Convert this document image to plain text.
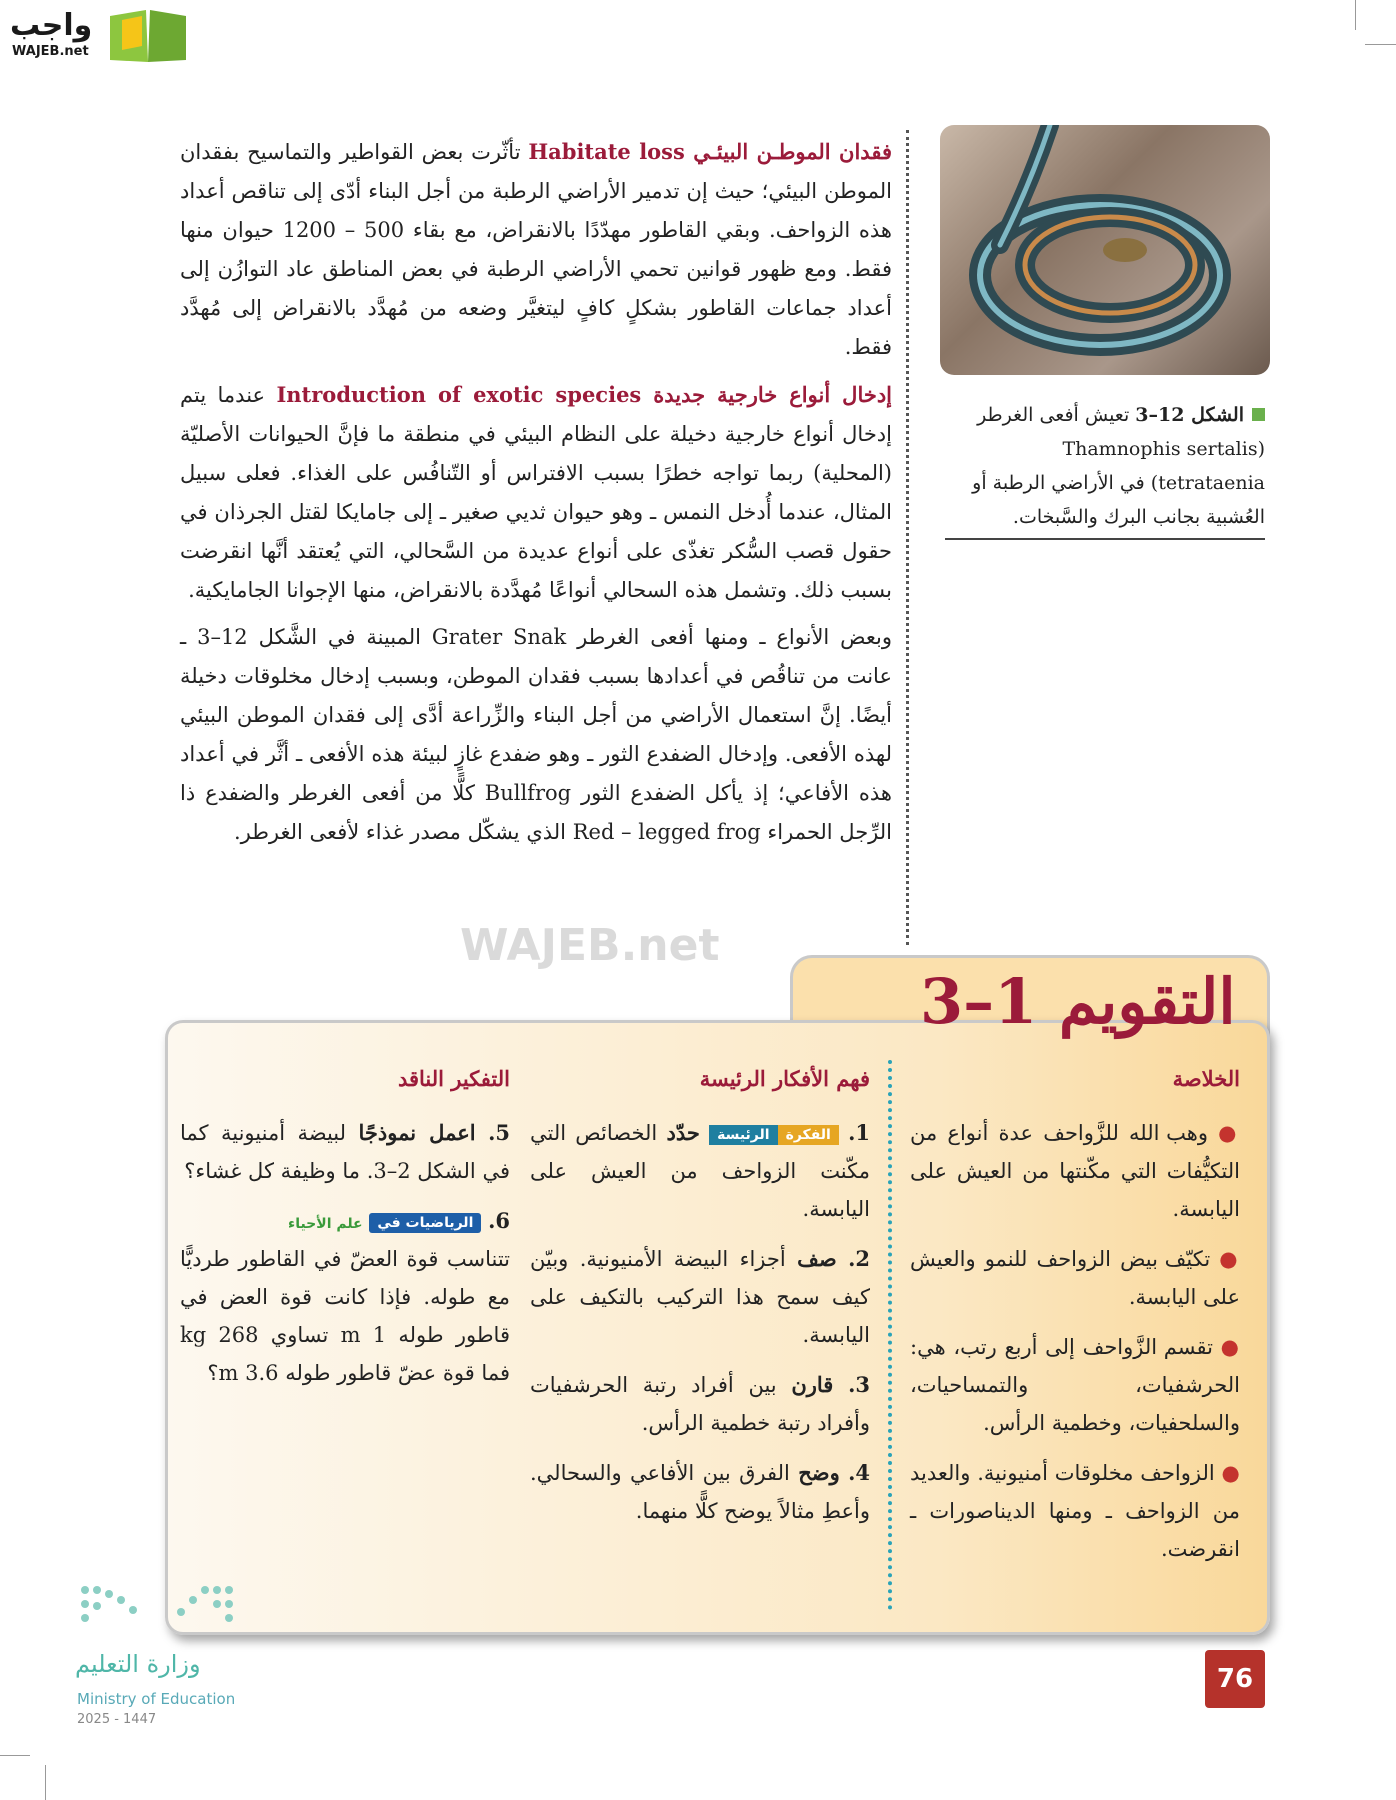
واجب
WAJEB.net
WAJEB.net

فقدان الموطـن البيئـي Habitate loss تأثّرت بعض القواطير والتماسيح بفقدان الموطن البيئي؛ حيث إن تدمير الأراضي الرطبة من أجل البناء أدّى إلى تناقص أعداد هذه الزواحف. وبقي القاطور مهدّدًا بالانقراض، مع بقاء 500 – 1200 حيوان منها فقط. ومع ظهور قوانين تحمي الأراضي الرطبة في بعض المناطق عاد التوازُن إلى أعداد جماعات القاطور بشكلٍ كافٍ ليتغيَّر وضعه من مُهدَّد بالانقراض إلى مُهدَّد فقط.

إدخال أنواع خارجية جديدة Introduction of exotic species عندما يتم إدخال أنواع خارجية دخيلة على النظام البيئي في منطقة ما فإنَّ الحيوانات الأصليّة (المحلية) ربما تواجه خطرًا بسبب الافتراس أو التّنافُس على الغذاء. فعلى سبيل المثال، عندما أُدخل النمس ـ وهو حيوان ثديي صغير ـ إلى جامايكا لقتل الجرذان في حقول قصب السُّكر تغذّى على أنواع عديدة من السَّحالي، التي يُعتقد أنَّها انقرضت بسبب ذلك. وتشمل هذه السحالي أنواعًا مُهدَّدة بالانقراض، منها الإجوانا الجامايكية.

وبعض الأنواع ـ ومنها أفعى الغرطر Grater Snak المبينة في الشَّكل 12–3 ـ عانت من تناقُص في أعدادها بسبب فقدان الموطن، وبسبب إدخال مخلوقات دخيلة أيضًا. إنَّ استعمال الأراضي من أجل البناء والزِّراعة أدَّى إلى فقدان الموطن البيئي لهذه الأفعى. وإدخال الضفدع الثور ـ وهو ضفدع غازٍ لبيئة هذه الأفعى ـ أثَّر في أعداد هذه الأفاعي؛ إذ يأكل الضفدع الثور Bullfrog كلًّا من أفعى الغرطر والضفدع ذا الرِّجل الحمراء Red – legged frog الذي يشكّل مصدر غذاء لأفعى الغرطر.

الشكل 12–3 تعيش أفعى الغرطر (Thamnophis sertalis tetrataenia) في الأراضي الرطبة أو العُشبية بجانب البرك والسَّبخات.
التقويم 1–3
الخلاصة
● وهب الله للزَّواحف عدة أنواع من التكيُّفات التي مكّنتها من العيش على اليابسة.
● تكيّف بيض الزواحف للنمو والعيش على اليابسة.
● تقسم الزَّواحف إلى أربع رتب، هي: الحرشفيات، والتمساحيات، والسلحفيات، وخطمية الرأس.
● الزواحف مخلوقات أمنيونية. والعديد من الزواحف ـ ومنها الديناصورات ـ انقرضت.
فهم الأفكار الرئيسة
1. الفكرةالرئيسة حدّد الخصائص التي مكّنت الزواحف من العيش على اليابسة.
2. صف أجزاء البيضة الأمنيونية. وبيّن كيف سمح هذا التركيب بالتكيف على اليابسة.
3. قارن بين أفراد رتبة الحرشفيات وأفراد رتبة خطمية الرأس.
4. وضح الفرق بين الأفاعي والسحالي. وأعطِ مثالاً يوضح كلًّا منهما.
التفكير الناقد
5. اعمل نموذجًا لبيضة أمنيونية كما في الشكل 2–3. ما وظيفة كل غشاء؟
6. الرياضيات في علم الأحياء
تتناسب قوة العضّ في القاطور طرديًّا مع طوله. فإذا كانت قوة العض في قاطور طوله 1 m تساوي 268 kg فما قوة عضّ قاطور طوله 3.6 m؟
وزارة التعليم
Ministry of Education
2025 - 1447
76
